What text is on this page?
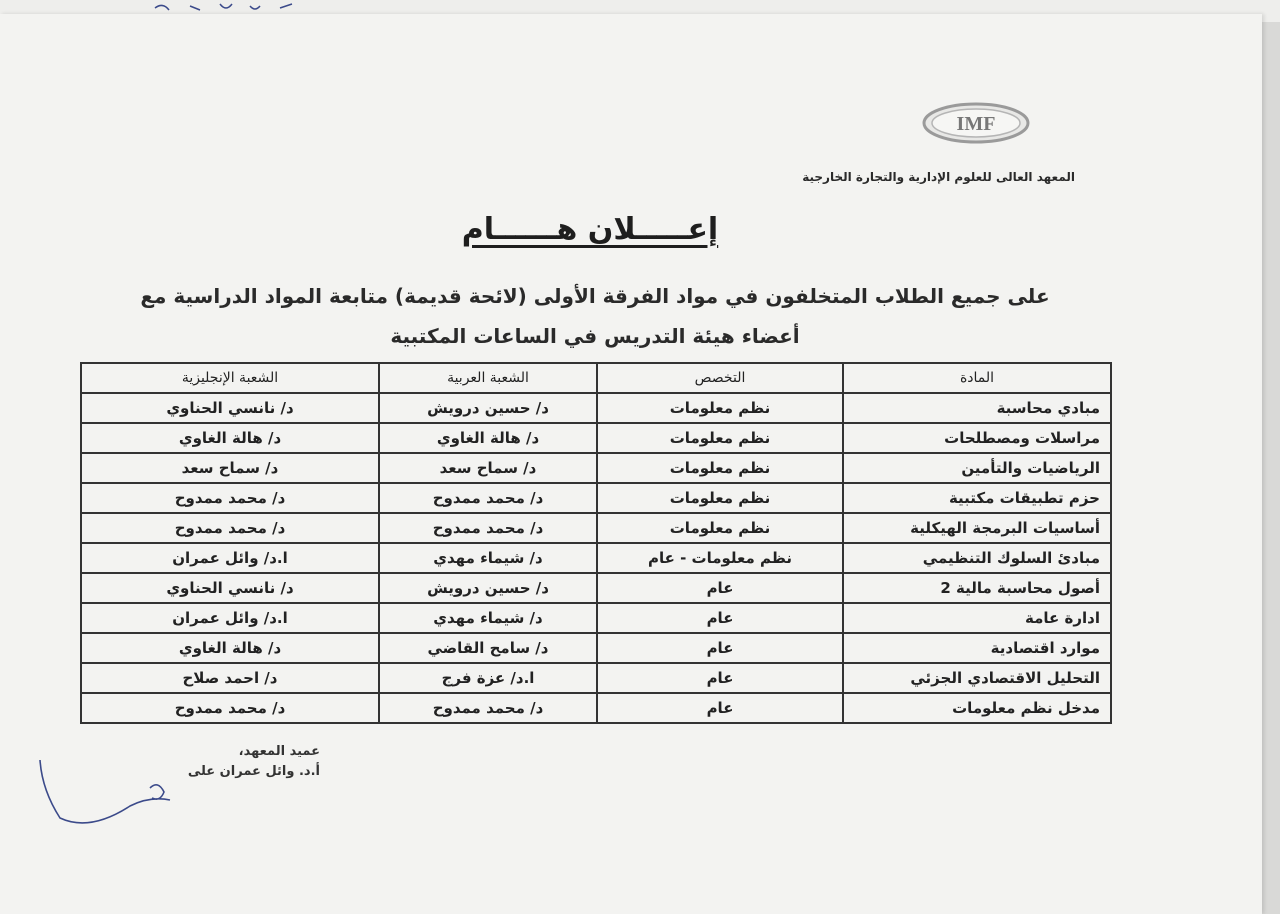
IMF
المعهد العالى للعلوم الإدارية والتجارة الخارجية
إعـــــلان هــــــام
على جميع الطلاب المتخلفون في مواد الفرقة الأولى (لائحة قديمة) متابعة المواد الدراسية مع أعضاء هيئة التدريس في الساعات المكتبية
المادة	التخصص	الشعبة العربية	الشعبة الإنجليزية
مبادي محاسبة	نظم معلومات	د/ حسين درويش	د/ نانسي الحناوي
مراسلات ومصطلحات	نظم معلومات	د/ هالة الغاوي	د/ هالة الغاوي
الرياضيات والتأمين	نظم معلومات	د/ سماح سعد	د/ سماح سعد
حزم تطبيقات مكتبية	نظم معلومات	د/ محمد ممدوح	د/ محمد ممدوح
أساسيات البرمجة الهيكلية	نظم معلومات	د/ محمد ممدوح	د/ محمد ممدوح
مبادئ السلوك التنظيمي	نظم معلومات - عام	د/ شيماء مهدي	ا.د/ وائل عمران
أصول محاسبة مالية 2	عام	د/ حسين درويش	د/ نانسي الحناوي
ادارة عامة	عام	د/ شيماء مهدي	ا.د/ وائل عمران
موارد اقتصادية	عام	د/ سامح القاضي	د/ هالة الغاوي
التحليل الاقتصادي الجزئي	عام	ا.د/ عزة فرج	د/ احمد صلاح
مدخل نظم معلومات	عام	د/ محمد ممدوح	د/ محمد ممدوح
عميد المعهد،
أ.د. وائل عمران على
